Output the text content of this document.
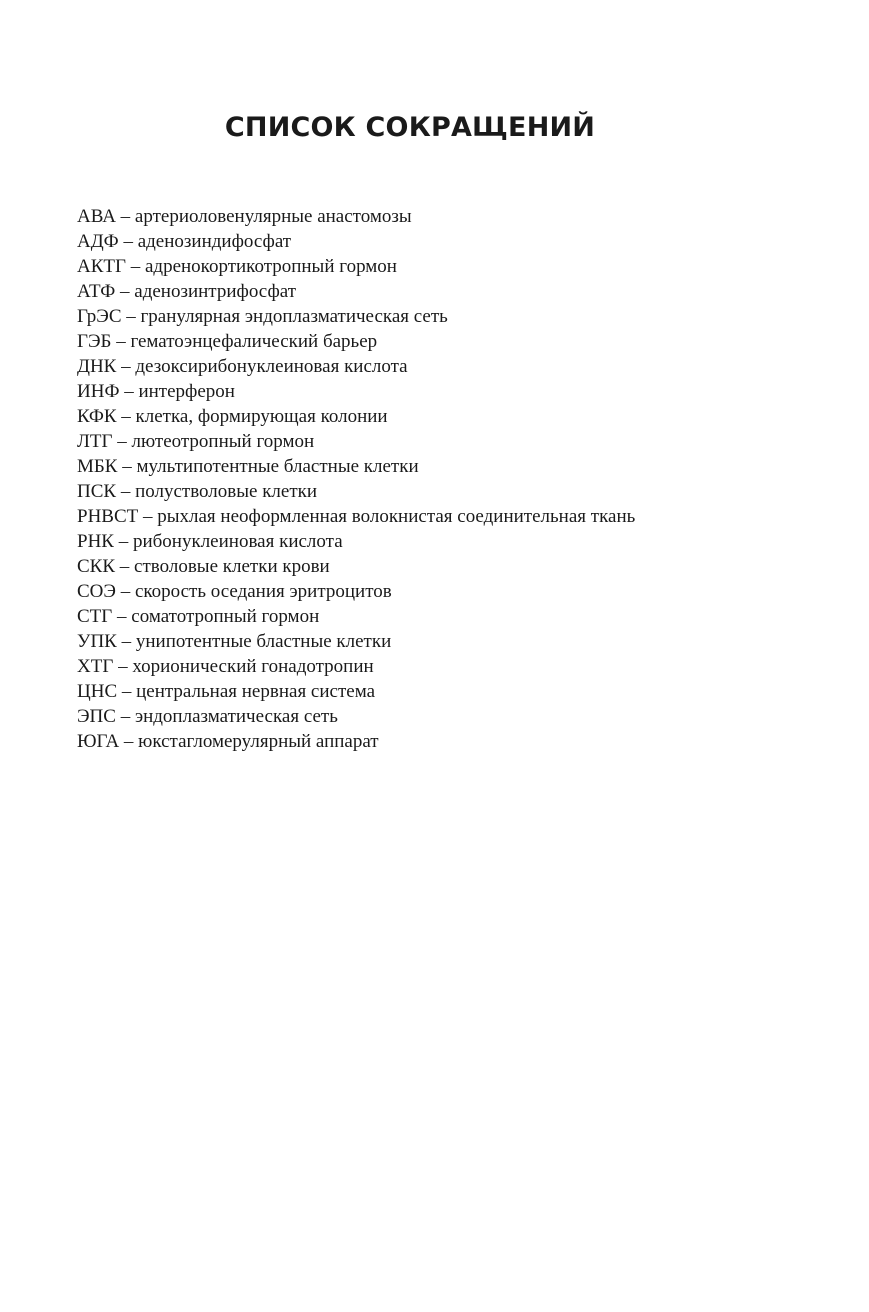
СПИСОК СОКРАЩЕНИЙ
АВА – артериоловенулярные анастомозы
АДФ – аденозиндифосфат
АКТГ – адренокортикотропный гормон
АТФ – аденозинтрифосфат
ГрЭС – гранулярная эндоплазматическая сеть
ГЭБ – гематоэнцефалический барьер
ДНК – дезоксирибонуклеиновая кислота
ИНФ – интерферон
КФК – клетка, формирующая колонии
ЛТГ – лютеотропный гормон
МБК – мультипотентные бластные клетки
ПСК – полустволовые клетки
РНВСТ – рыхлая неоформленная волокнистая соединительная ткань
РНК – рибонуклеиновая кислота
СКК – стволовые клетки крови
СОЭ – скорость оседания эритроцитов
СТГ – соматотропный гормон
УПК – унипотентные бластные клетки
ХТГ – хорионический гонадотропин
ЦНС – центральная нервная система
ЭПС – эндоплазматическая сеть
ЮГА – юкстагломерулярный аппарат
